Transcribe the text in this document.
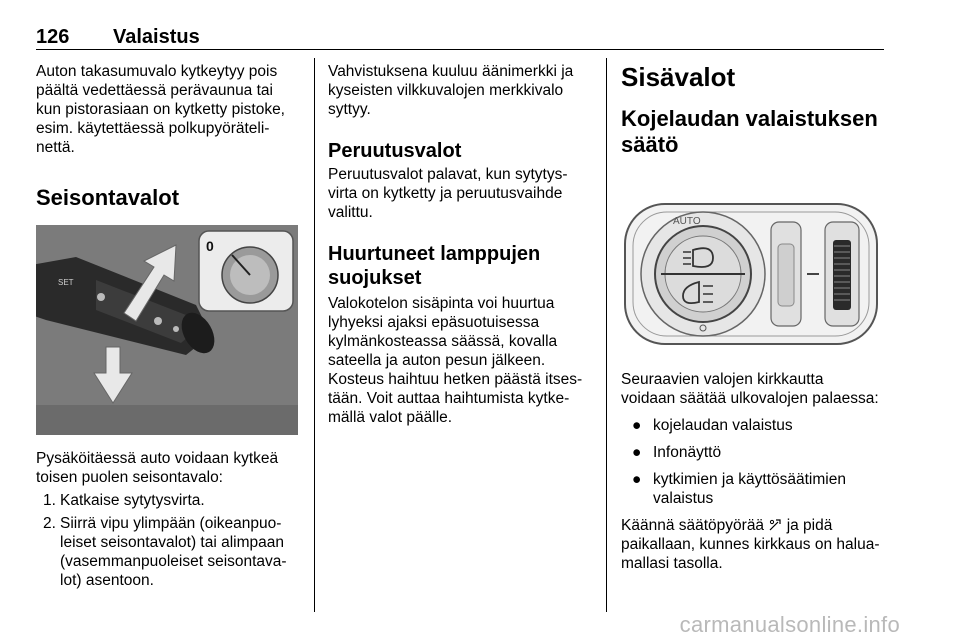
126 Valaistus

Auton takasumuvalo kytkeytyy pois
päältä vedettäessä perävaunua tai
kun pistorasiaan on kytketty pistoke,
esim. käytettäessä polkupyöräteli-
nettä.

Seisontavalot
SET
0

Pysäköitäessä auto voidaan kytkeä
toisen puolen seisontavalo:

1. Katkaise sytytysvirta.
2. Siirrä vipu ylimpään (oikeanpuo-
leiset seisontavalot) tai alimpaan
(vasemmanpuoleiset seisontava-
lot) asentoon.

Vahvistuksena kuuluu äänimerkki ja
kyseisten vilkkuvalojen merkkivalo
syttyy.

Peruutusvalot

Peruutusvalot palavat, kun sytytys-
virta on kytketty ja peruutusvaihde
valittu.

Huurtuneet lamppujen
suojukset

Valokotelon sisäpinta voi huurtua
lyhyeksi ajaksi epäsuotuisessa
kylmänkosteassa säässä, kovalla
sateella ja auton pesun jälkeen.
Kosteus haihtuu hetken päästä itses-
tään. Voit auttaa haihtumista kytke-
mällä valot päälle.

Sisävalot
Kojelaudan valaistuksen
säätö
AUTO

Seuraavien valojen kirkkautta
voidaan säätää ulkovalojen palaessa:

● kojelaudan valaistus
● Infonäyttö
● kytkimien ja käyttösäätimien
valaistus

Käännä säätöpyörää ja pidä
paikallaan, kunnes kirkkaus on halua-
mallasi tasolla.

carmanualsonline.info
